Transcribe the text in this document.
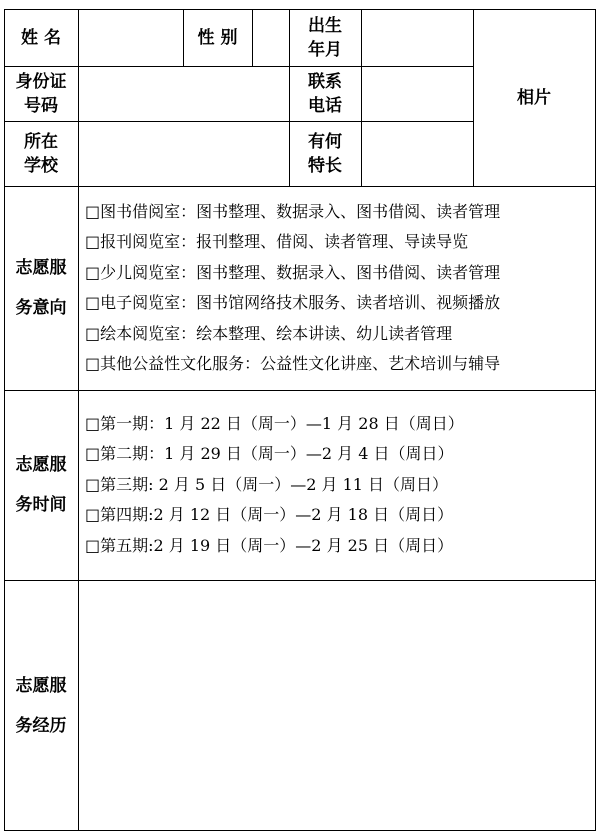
姓 名	性 别
出生
年月
相片
身份证
号码
联系
电话
所在
学校
有何
特长
志愿服
务意向
□图书借阅室：图书整理、数据录入、图书借阅、读者管理
□报刊阅览室：报刊整理、借阅、读者管理、导读导览
□少儿阅览室：图书整理、数据录入、图书借阅、读者管理
□电子阅览室：图书馆网络技术服务、读者培训、视频播放
□绘本阅览室：绘本整理、绘本讲读、幼儿读者管理
□其他公益性文化服务：公益性文化讲座、艺术培训与辅导
志愿服
务时间
□第一期：1 月 22 日（周一）—1 月 28 日（周日）
□第二期：1 月 29 日（周一）—2 月 4 日（周日）
□第三期: 2 月 5 日（周一）—2 月 11 日（周日）
□第四期:2 月 12 日（周一）—2 月 18 日（周日）
□第五期:2 月 19 日（周一）—2 月 25 日（周日）
志愿服
务经历
